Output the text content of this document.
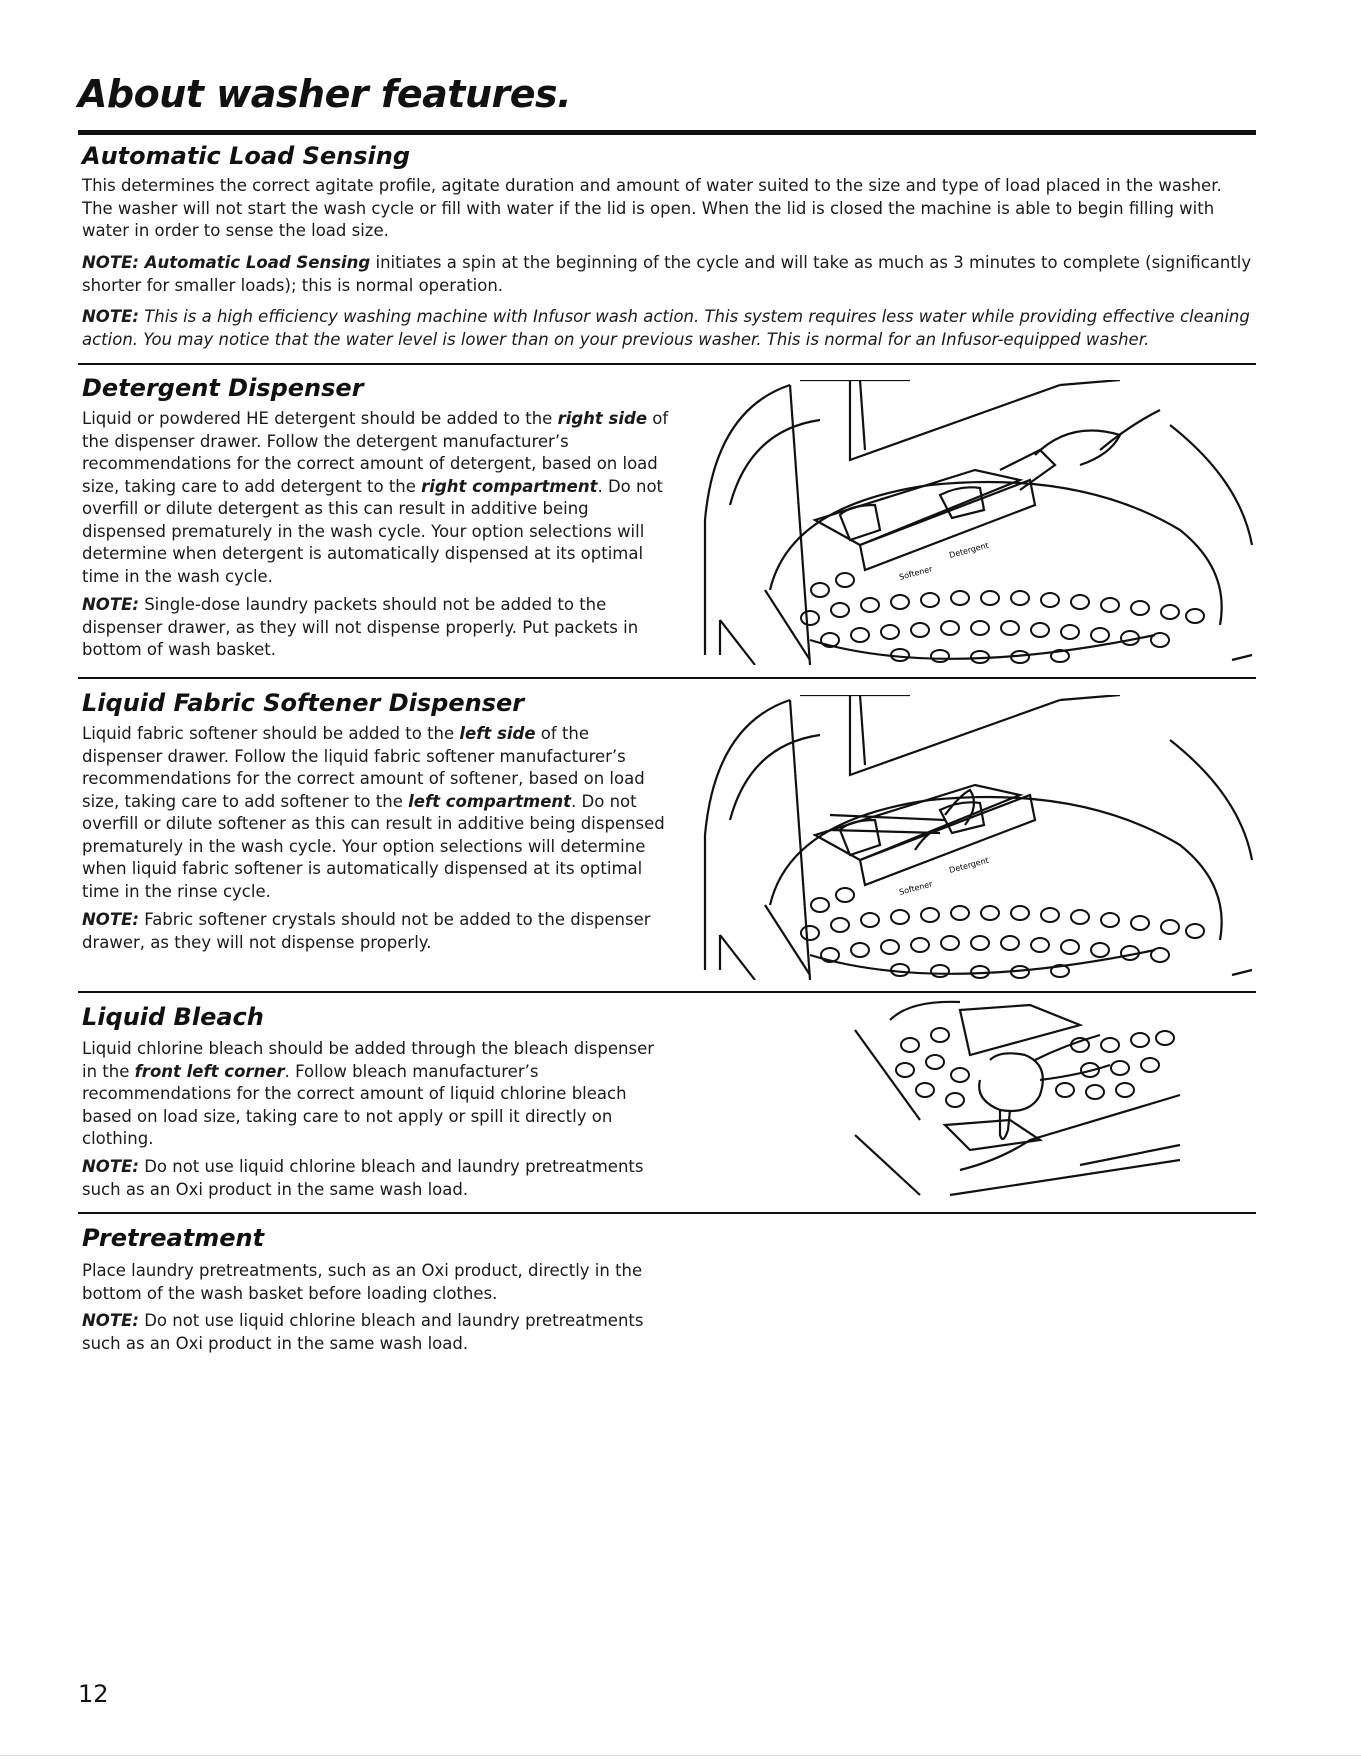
About washer features.
Automatic Load Sensing

This determines the correct agitate profile, agitate duration and amount of water suited to the size and type of load placed in the washer. The washer will not start the wash cycle or fill with water if the lid is open. When the lid is closed the machine is able to begin filling with water in order to sense the load size.

NOTE: Automatic Load Sensing initiates a spin at the beginning of the cycle and will take as much as 3 minutes to complete (significantly shorter for smaller loads); this is normal operation.

NOTE: This is a high efficiency washing machine with Infusor wash action. This system requires less water while providing effective cleaning action. You may notice that the water level is lower than on your previous washer. This is normal for an Infusor-equipped washer.

Detergent Dispenser

Liquid or powdered HE detergent should be added to the right side of the dispenser drawer. Follow the detergent manufacturer’s recommendations for the correct amount of detergent, based on load size, taking care to add detergent to the right compartment. Do not overfill or dilute detergent as this can result in additive being dispensed prematurely in the wash cycle. Your option selections will determine when detergent is automatically dispensed at its optimal time in the wash cycle.

NOTE: Single-dose laundry packets should not be added to the dispenser drawer, as they will not dispense properly. Put packets in bottom of wash basket.

Softener
Detergent
Liquid Fabric Softener Dispenser

Liquid fabric softener should be added to the left side of the dispenser drawer. Follow the liquid fabric softener manufacturer’s recommendations for the correct amount of softener, based on load size, taking care to add softener to the left compartment. Do not overfill or dilute softener as this can result in additive being dispensed prematurely in the wash cycle. Your option selections will determine when liquid fabric softener is automatically dispensed at its optimal time in the rinse cycle.

NOTE: Fabric softener crystals should not be added to the dispenser drawer, as they will not dispense properly.

Softener
Detergent
Liquid Bleach

Liquid chlorine bleach should be added through the bleach dispenser in the front left corner. Follow bleach manufacturer’s recommendations for the correct amount of liquid chlorine bleach based on load size, taking care to not apply or spill it directly on clothing.

NOTE: Do not use liquid chlorine bleach and laundry pretreatments such as an Oxi product in the same wash load.

Pretreatment

Place laundry pretreatments, such as an Oxi product, directly in the bottom of the wash basket before loading clothes.

NOTE: Do not use liquid chlorine bleach and laundry pretreatments such as an Oxi product in the same wash load.

12
